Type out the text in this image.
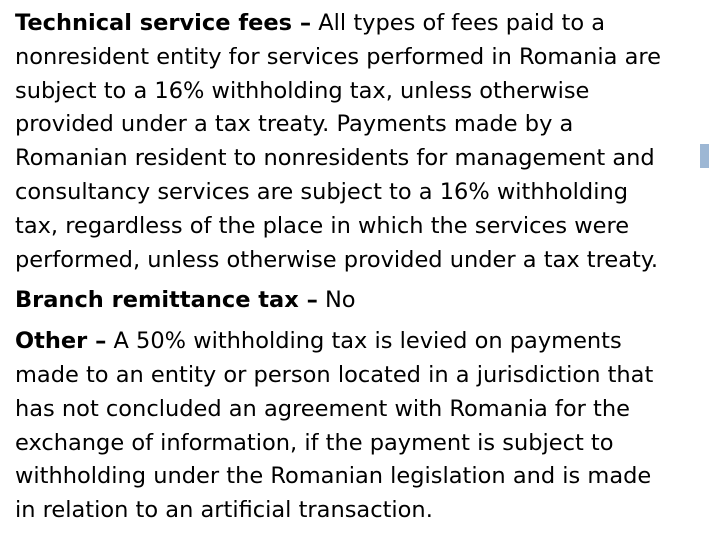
Technical service fees – All types of fees paid to a
nonresident entity for services performed in Romania are
subject to a 16% withholding tax, unless otherwise
provided under a tax treaty. Payments made by a
Romanian resident to nonresidents for management and
consultancy services are subject to a 16% withholding
tax, regardless of the place in which the services were
performed, unless otherwise provided under a tax treaty.

Branch remittance tax – No

Other – A 50% withholding tax is levied on payments
made to an entity or person located in a jurisdiction that
has not concluded an agreement with Romania for the
exchange of information, if the payment is subject to
withholding under the Romanian legislation and is made
in relation to an artificial transaction.
